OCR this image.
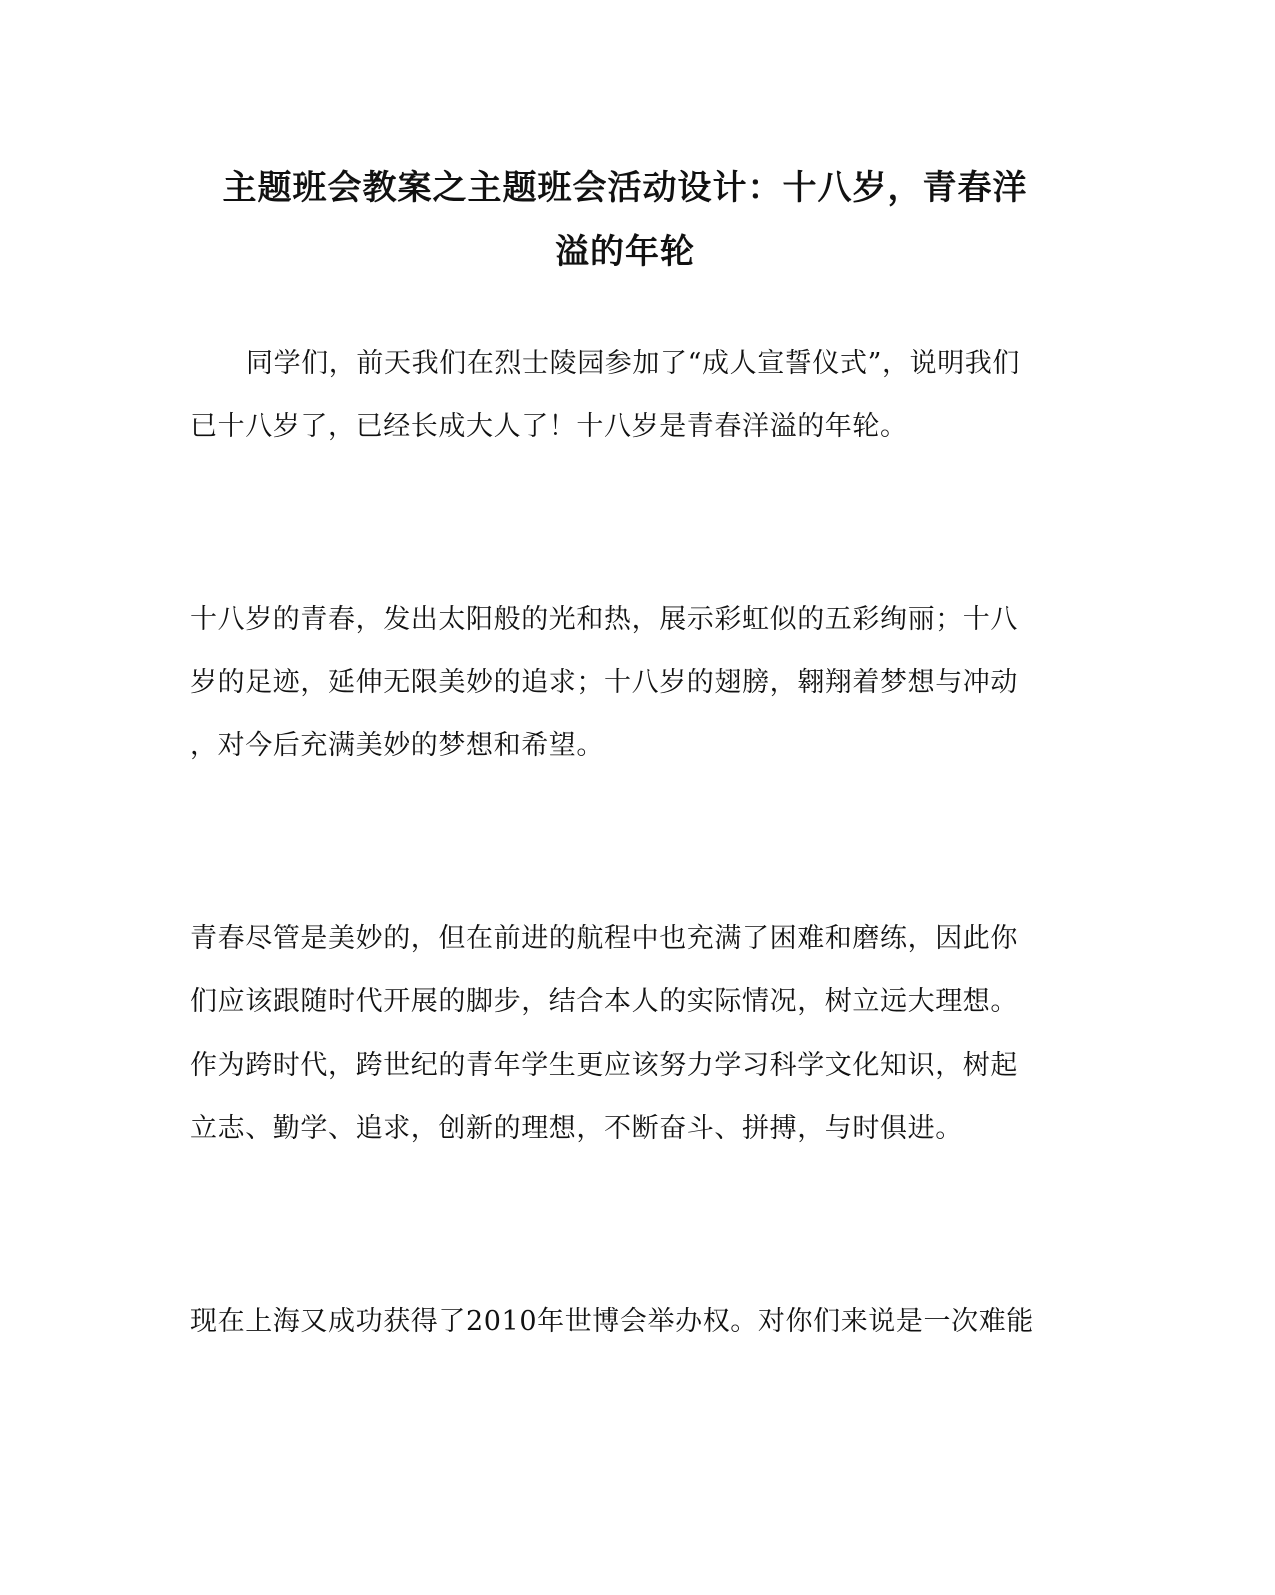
主题班会教案之主题班会活动设计：十八岁，青春洋
溢的年轮
同学们，前天我们在烈士陵园参加了“成人宣誓仪式”，说明我们
已十八岁了，已经长成大人了！十八岁是青春洋溢的年轮。
十八岁的青春，发出太阳般的光和热，展示彩虹似的五彩绚丽；十八
岁的足迹，延伸无限美妙的追求；十八岁的翅膀，翱翔着梦想与冲动
，对今后充满美妙的梦想和希望。
青春尽管是美妙的，但在前进的航程中也充满了困难和磨练，因此你
们应该跟随时代开展的脚步，结合本人的实际情况，树立远大理想。
作为跨时代，跨世纪的青年学生更应该努力学习科学文化知识，树起
立志、勤学、追求，创新的理想，不断奋斗、拼搏，与时俱进。
现在上海又成功获得了2010年世博会举办权。对你们来说是一次难能
